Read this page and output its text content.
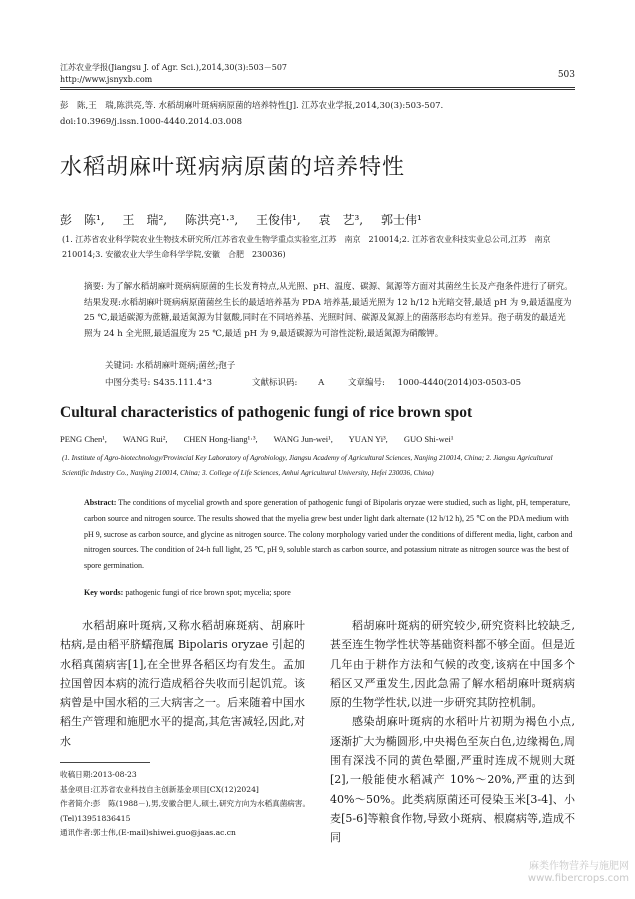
江苏农业学报(Jiangsu J. of Agr. Sci.),2014,30(3):503－507
http://www.jsnyxb.com	503
彭　陈,王　瑞,陈洪亮,等. 水稻胡麻叶斑病病原菌的培养特性[J]. 江苏农业学报,2014,30(3):503-507.
doi:10.3969/j.issn.1000-4440.2014.03.008
水稻胡麻叶斑病病原菌的培养特性
彭　陈¹, 王　瑞², 陈洪亮¹·³, 王俊伟¹, 袁　艺³, 郭士伟¹
(1. 江苏省农业科学院农业生物技术研究所/江苏省农业生物学重点实验室,江苏　南京　210014;2. 江苏省农业科技实业总公司,江苏　南京　210014;3. 安徽农业大学生命科学学院,安徽　合肥　230036)
摘要: 为了解水稻胡麻叶斑病病原菌的生长发育特点,从光照、pH、温度、碳源、氮源等方面对其菌丝生长及产孢条件进行了研究。结果发现:水稻胡麻叶斑病病原菌菌丝生长的最适培养基为 PDA 培养基,最适光照为 12 h/12 h光暗交替,最适 pH 为 9,最适温度为 25 ℃,最适碳源为蔗糖,最适氮源为甘氨酸,同时在不同培养基、光照时间、碳源及氮源上的菌落形态均有差异。孢子萌发的最适光照为 24 h 全光照,最适温度为 25 ℃,最适 pH 为 9,最适碳源为可溶性淀粉,最适氮源为硝酸钾。
关键词: 水稻胡麻叶斑病;菌丝;孢子
中图分类号: S435.111.4⁺3	文献标识码: A	文章编号: 1000-4440(2014)03-0503-05
Cultural characteristics of pathogenic fungi of rice brown spot
PENG Chen¹, WANG Rui², CHEN Hong-liang¹·³, WANG Jun-wei¹, YUAN Yi³, GUO Shi-wei¹
(1. Institute of Agro-biotechnology/Provincial Key Laboratory of Agrobiology, Jiangsu Academy of Agricultural Sciences, Nanjing 210014, China; 2. Jiangsu Agricultural Scientific Industry Co., Nanjing 210014, China; 3. College of Life Sciences, Anhui Agricultural University, Hefei 230036, China)
Abstract: The conditions of mycelial growth and spore generation of pathogenic fungi of Bipolaris oryzae were studied, such as light, pH, temperature, carbon source and nitrogen source. The results showed that the myelia grew best under light dark alternate (12 h/12 h), 25 ℃ on the PDA medium with pH 9, sucrose as carbon source, and glycine as nitrogen source. The colony morphology varied under the conditions of different media, light, carbon and nitrogen sources. The condition of 24-h full light, 25 ℃, pH 9, soluble starch as carbon source, and potassium nitrate as nitrogen source was the best of spore germination.
Key words: pathogenic fungi of rice brown spot; mycelia; spore

水稻胡麻叶斑病,又称水稻胡麻斑病、胡麻叶枯病,是由稻平脐蠕孢属 Bipolaris oryzae 引起的水稻真菌病害[1],在全世界各稻区均有发生。孟加拉国曾因本病的流行造成稻谷失收而引起饥荒。该病曾是中国水稻的三大病害之一。后来随着中国水稻生产管理和施肥水平的提高,其危害减轻,因此,对水

稻胡麻叶斑病的研究较少,研究资料比较缺乏,甚至连生物学性状等基础资料都不够全面。但是近几年由于耕作方法和气候的改变,该病在中国多个稻区又严重发生,因此急需了解水稻胡麻叶斑病病原的生物学性状,以进一步研究其防控机制。

感染胡麻叶斑病的水稻叶片初期为褐色小点,逐渐扩大为椭圆形,中央褐色至灰白色,边缘褐色,周围有深浅不同的黄色晕圈,严重时连成不规则大斑[2],一般能使水稻减产 10%～20%,严重的达到 40%～50%。此类病原菌还可侵染玉米[3-4]、小麦[5-6]等粮食作物,导致小斑病、根腐病等,造成不同

收稿日期:2013-08-23
基金项目:江苏省农业科技自主创新基金项目[CX(12)2024]
作者简介:彭　陈(1988－),男,安徽合肥人,硕士,研究方向为水稻真菌病害。(Tel)13951836415
通讯作者:郭士伟,(E-mail)shiwei.guo@jaas.ac.cn
麻类作物营养与施肥网
www.fibercrops.com
